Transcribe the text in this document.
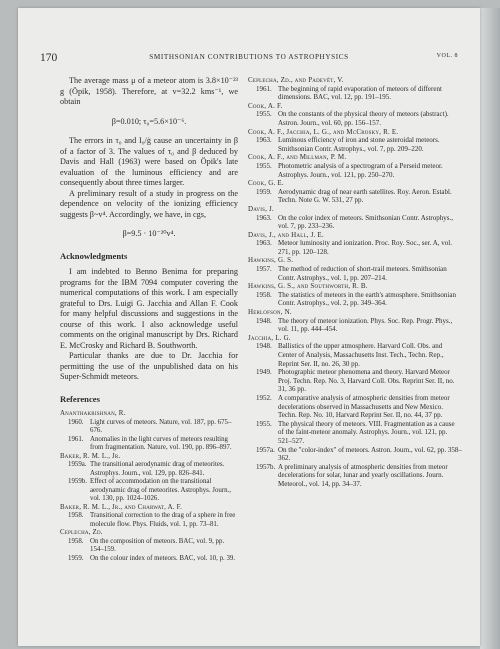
170	SMITHSONIAN CONTRIBUTIONS TO ASTROPHYSICS	VOL. 8

The average mass μ of a meteor atom is 3.8×10⁻²³ g (Öpik, 1958). Therefore, at v=32.2 kms⁻¹, we obtain

β=0.010; τ₀=5.6×10⁻⁶.

The errors in τ₀ and I₀/ġ cause an uncertainty in β of a factor of 3. The values of τ₀ and β deduced by Davis and Hall (1963) were based on Öpik's late evaluation of the luminous efficiency and are consequently about three times larger.

A preliminary result of a study in progress on the dependence on velocity of the ionizing efficiency suggests β~v⁴. Accordingly, we have, in cgs,

β=9.5 · 10⁻²⁰v⁴.
Acknowledgments

I am indebted to Benno Benima for preparing programs for the IBM 7094 computer covering the numerical computations of this work. I am especially grateful to Drs. Luigi G. Jacchia and Allan F. Cook for many helpful discussions and suggestions in the course of this work. I also acknowledge useful comments on the original manuscript by Drs. Richard E. McCrosky and Richard B. Southworth.

Particular thanks are due to Dr. Jacchia for permitting the use of the unpublished data on his Super-Schmidt meteors.

References
Ananthakrishnan, R.
1960. Light curves of meteors. Nature, vol. 187, pp. 675–676.
1961. Anomalies in the light curves of meteors resulting from fragmentation. Nature, vol. 190, pp. 896–897.
Baker, R. M. L., Jr.
1959a. The transitional aerodynamic drag of meteorites. Astrophys. Journ., vol. 129, pp. 826–841.
1959b. Effect of accommodation on the transitional aerodynamic drag of meteorites. Astrophys. Journ., vol. 130, pp. 1024–1026.
Baker, R. M. L., Jr., and Charwat, A. F.
1958. Transitional correction to the drag of a sphere in free molecule flow. Phys. Fluids, vol. 1, pp. 73–81.
Ceplecha, Zd.
1958. On the composition of meteors. BAC, vol. 9, pp. 154–159.
1959. On the colour index of meteors. BAC, vol. 10, p. 39.
Ceplecha, Zd., and Padevět, V.
1961. The beginning of rapid evaporation of meteors of different dimensions. BAC, vol. 12, pp. 191–195.
Cook, A. F.
1955. On the constants of the physical theory of meteors (abstract). Astron. Journ., vol. 60, pp. 156–157.
Cook, A. F., Jacchia, L. G., and McCrosky, R. E.
1963. Luminous efficiency of iron and stone asteroidal meteors. Smithsonian Contr. Astrophys., vol. 7, pp. 209–220.
Cook, A. F., and Millman, P. M.
1955. Photometric analysis of a spectrogram of a Perseid meteor. Astrophys. Journ., vol. 121, pp. 250–270.
Cook, G. E.
1959. Aerodynamic drag of near earth satellites. Roy. Aeron. Establ. Techn. Note G. W. 531, 27 pp.
Davis, J.
1963. On the color index of meteors. Smithsonian Contr. Astrophys., vol. 7, pp. 233–236.
Davis, J., and Hall, J. E.
1963. Meteor luminosity and ionization. Proc. Roy. Soc., ser. A, vol. 271, pp. 120–128.
Hawkins, G. S.
1957. The method of reduction of short-trail meteors. Smithsonian Contr. Astrophys., vol. 1, pp. 207–214.
Hawkins, G. S., and Southworth, R. B.
1958. The statistics of meteors in the earth's atmosphere. Smithsonian Contr. Astrophys., vol. 2, pp. 349–364.
Herlofson, N.
1948. The theory of meteor ionization. Phys. Soc. Rep. Progr. Phys., vol. 11, pp. 444–454.
Jacchia, L. G.
1948. Ballistics of the upper atmosphere. Harvard Coll. Obs. and Center of Analysis, Massachusetts Inst. Tech., Techn. Rep., Reprint Ser. II, no. 26, 30 pp.
1949. Photographic meteor phenomena and theory. Harvard Meteor Proj. Techn. Rep. No. 3, Harvard Coll. Obs. Reprint Ser. II, no. 31, 36 pp.
1952. A comparative analysis of atmospheric densities from meteor decelerations observed in Massachusetts and New Mexico. Techn. Rep. No. 10, Harvard Reprint Ser. II, no. 44, 37 pp.
1955. The physical theory of meteors. VIII. Fragmentation as a cause of the faint-meteor anomaly. Astrophys. Journ., vol. 121, pp. 521–527.
1957a. On the "color-index" of meteors. Astron. Journ., vol. 62, pp. 358–362.
1957b. A preliminary analysis of atmospheric densities from meteor decelerations for solar, lunar and yearly oscillations. Journ. Meteorol., vol. 14, pp. 34–37.
